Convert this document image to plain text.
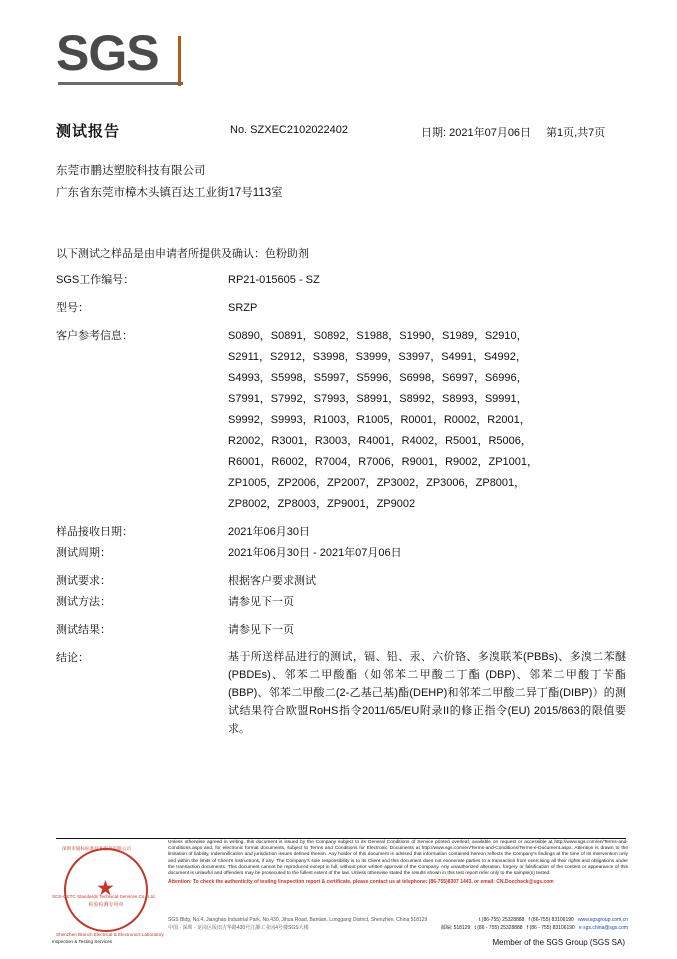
SGS
测试报告	No. SZXEC2102022402	日期: 2021年07月06日 第1页,共7页
东莞市鹏达塑胶科技有限公司
广东省东莞市樟木头镇百达工业街17号113室
以下测试之样品是由申请者所提供及确认：色粉助剂
SGS工作编号：	RP21-015605 - SZ
型号：	SRZP
客户参考信息：	S0890，S0891，S0892，S1988，S1990，S1989，S2910，
S2911，S2912，S3998，S3999，S3997，S4991，S4992，
S4993，S5998，S5997，S5996，S6998，S6997，S6996，
S7991，S7992，S7993，S8991，S8992，S8993，S9991，
S9992，S9993，R1003，R1005，R0001，R0002，R2001，
R2002，R3001，R3003，R4001，R4002，R5001，R5006，
R6001，R6002，R7004，R7006，R9001，R9002，ZP1001，
ZP1005，ZP2006，ZP2007，ZP3002，ZP3006，ZP8001，
ZP8002，ZP8003，ZP9001，ZP9002
样品接收日期：	2021年06月30日
测试周期：	2021年06月30日 - 2021年07月06日
测试要求：	根据客户要求测试
测试方法：	请参见下一页
测试结果：	请参见下一页
结论：	基于所送样品进行的测试，镉、铅、汞、六价铬、多溴联苯(PBBs)、多溴二苯醚(PBDEs)、邻苯二甲酸酯（如邻苯二甲酸二丁酯 (DBP)、邻苯二甲酸丁苄酯(BBP)、邻苯二甲酸二(2-乙基己基)酯(DEHP)和邻苯二甲酸二异丁酯(DIBP)）的测试结果符合欧盟RoHS指令2011/65/EU附录II的修正指令(EU) 2015/863的限值要求。
★
深圳市通标标准技术服务有限公司
SGS-CSTC Standards Technical Services Co., Ltd.
Shenzhen Branch Electrical & Electronics Laboratory
检验检测专用章
Unless otherwise agreed in writing, this document is issued by the Company subject to its General Conditions of Service printed overleaf, available on request or accessible at http://www.sgs.com/en/Terms-and-Conditions.aspx and, for electronic format documents, subject to Terms and Conditions for Electronic Documents at http://www.sgs.com/en/Terms-and-Conditions/Terms-e-Document.aspx. Attention is drawn to the limitation of liability, indemnification and jurisdiction issues defined therein. Any holder of this document is advised that information contained hereon reflects the Company's findings at the time of its intervention only and within the limits of Client's instructions, if any. The Company's sole responsibility is to its Client and this document does not exonerate parties to a transaction from exercising all their rights and obligations under the transaction documents. This document cannot be reproduced except in full, without prior written approval of the Company. Any unauthorized alteration, forgery or falsification of the content or appearance of this document is unlawful and offenders may be prosecuted to the fullest extent of the law. Unless otherwise stated the results shown in this test report refer only to the sample(s) tested.
Attention: To check the authenticity of testing /inspection report & certificate, please contact us at telephone: (86-755)8307 1443, or email: CN.Doccheck@sgs.com
SGS Bldg, No.4, Jianghao Industrial Park, No.430, Jihua Road, Bantian, Longgang District, Shenzhen, China 518129	t (86-755) 25328888 f (86-755) 83106190 www.sgsgroup.com.cn
中国 · 深圳 · 龙岗区坂田吉华路430号江灏工业园4号楼SGS大楼	邮编: 518129 t (86 - 755) 25328888 f (86 - 755) 83106190 e sgs.china@sgs.com
Inspection & Testing Services	Member of the SGS Group (SGS SA)
